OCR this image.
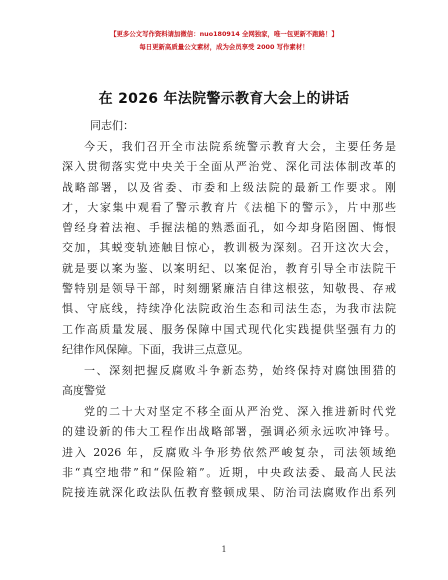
【更多公文写作资料请加微信：nuo180914 全网独家，唯一包更新不跑路！】
每日更新高质量公文素材，成为会员享受 2000 写作素材！
在 2026 年法院警示教育大会上的讲话
同志们：
今天，我们召开全市法院系统警示教育大会，主要任务是
深入贯彻落实党中央关于全面从严治党、深化司法体制改革的
战略部署，以及省委、市委和上级法院的最新工作要求。刚
才，大家集中观看了警示教育片《法槌下的警示》，片中那些
曾经身着法袍、手握法槌的熟悉面孔，如今却身陷囹圄、悔恨
交加，其蜕变轨迹触目惊心，教训极为深刻。召开这次大会，
就是要以案为鉴、以案明纪、以案促治，教育引导全市法院干
警特别是领导干部，时刻绷紧廉洁自律这根弦，知敬畏、存戒
惧、守底线，持续净化法院政治生态和司法生态，为我市法院
工作高质量发展、服务保障中国式现代化实践提供坚强有力的
纪律作风保障。下面，我讲三点意见。
一、深刻把握反腐败斗争新态势，始终保持对腐蚀围猎的
高度警觉
党的二十大对坚定不移全面从严治党、深入推进新时代党
的建设新的伟大工程作出战略部署，强调必须永远吹冲锋号。
进入 2026 年，反腐败斗争形势依然严峻复杂，司法领域绝
非“真空地带”和“保险箱”。近期，中央政法委、最高人民法
院接连就深化政法队伍教育整顿成果、防治司法腐败作出系列
1
